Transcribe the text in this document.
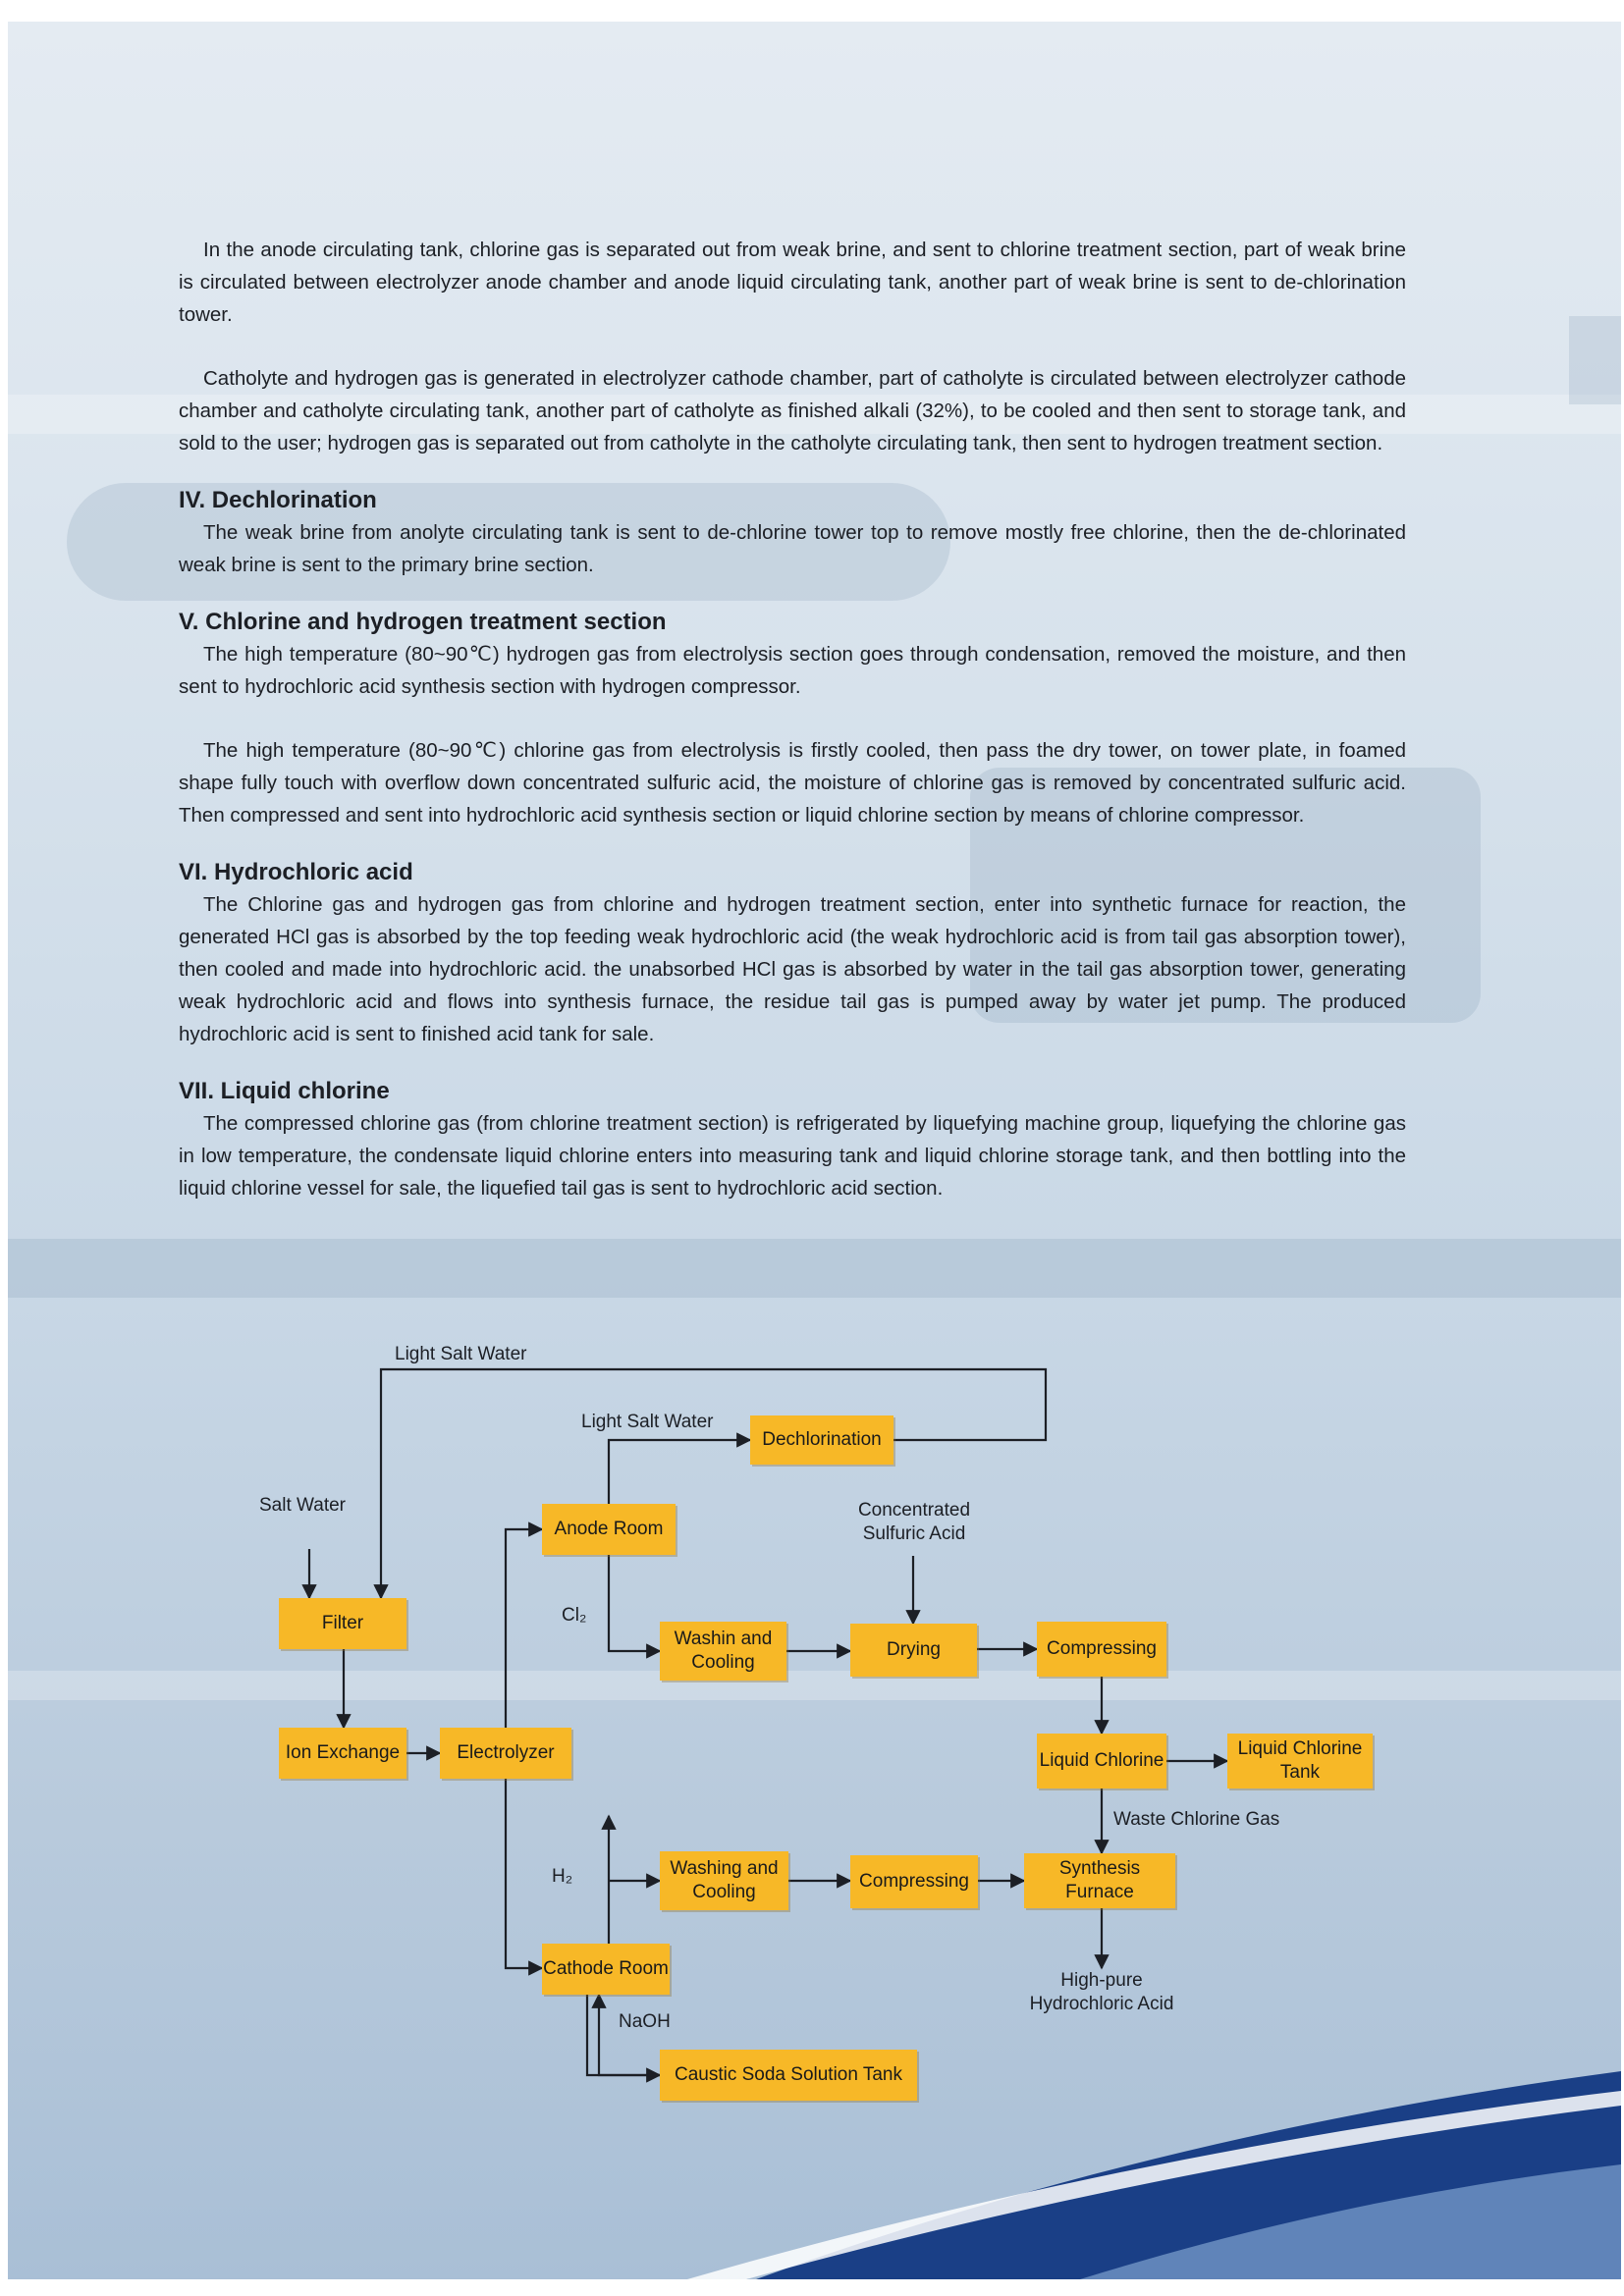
In the anode circulating tank, chlorine gas is separated out from weak brine, and sent to chlorine treatment section, part of weak brine is circulated between electrolyzer anode chamber and anode liquid circulating tank, another part of weak brine is sent to de-chlorination tower.

Catholyte and hydrogen gas is generated in electrolyzer cathode chamber, part of catholyte is circulated between electrolyzer cathode chamber and catholyte circulating tank, another part of catholyte as finished alkali (32%), to be cooled and then sent to storage tank, and sold to the user; hydrogen gas is separated out from catholyte in the catholyte circulating tank, then sent to hydrogen treatment section.

IV. Dechlorination

The weak brine from anolyte circulating tank is sent to de-chlorine tower top to remove mostly free chlorine, then the de-chlorinated weak brine is sent to the primary brine section.

V. Chlorine and hydrogen treatment section

The high temperature (80~90℃) hydrogen gas from electrolysis section goes through condensation, removed the moisture, and then sent to hydrochloric acid synthesis section with hydrogen compressor.

The high temperature (80~90℃) chlorine gas from electrolysis is firstly cooled, then pass the dry tower, on tower plate, in foamed shape fully touch with overflow down concentrated sulfuric acid, the moisture of chlorine gas is removed by concentrated sulfuric acid. Then compressed and sent into hydrochloric acid synthesis section or liquid chlorine section by means of chlorine compressor.

VI. Hydrochloric acid

The Chlorine gas and hydrogen gas from chlorine and hydrogen treatment section, enter into synthetic furnace for reaction, the generated HCl gas is absorbed by the top feeding weak hydrochloric acid (the weak hydrochloric acid is from tail gas absorption tower), then cooled and made into hydrochloric acid. the unabsorbed HCl gas is absorbed by water in the tail gas absorption tower, generating weak hydrochloric acid and flows into synthesis furnace, the residue tail gas is pumped away by water jet pump. The produced hydrochloric acid is sent to finished acid tank for sale.

VII. Liquid chlorine

The compressed chlorine gas (from chlorine treatment section) is refrigerated by liquefying machine group, liquefying the chlorine gas in low temperature, the condensate liquid chlorine enters into measuring tank and liquid chlorine storage tank, and then bottling into the liquid chlorine vessel for sale, the liquefied tail gas is sent to hydrochloric acid section.

Dechlorination
Anode Room
Filter
Washin and Cooling
Drying	Compressing
Ion Exchange	Electrolyzer	Liquid Chlorine
Liquid Chlorine Tank
Washing and Cooling
Compressing
Synthesis Furnace
Cathode Room
Caustic Soda Solution Tank
Light Salt Water
Light Salt Water
Salt Water	Concentrated Sulfuric Acid
Cl₂
H₂
NaOH
Waste Chlorine Gas
High-pure Hydrochloric Acid
